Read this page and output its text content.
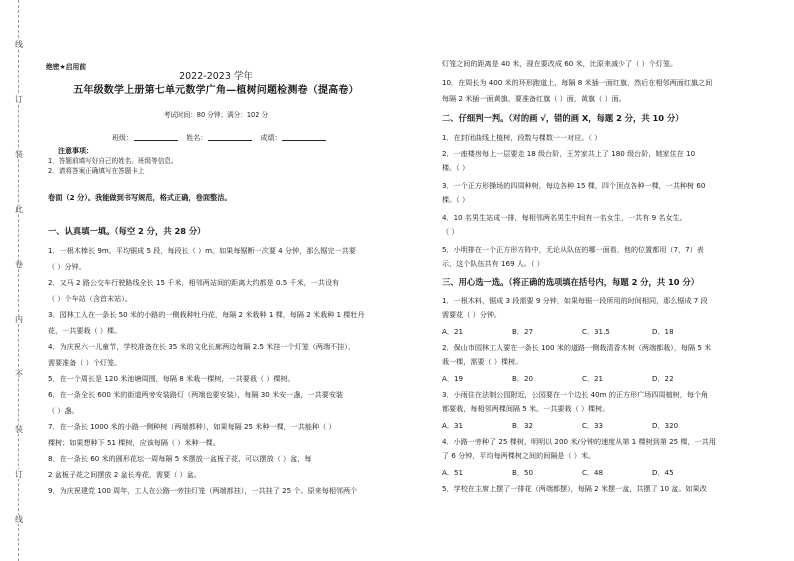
线
订
装
此
卷
内
不
装
订
线
绝密★启用前
2022-2023 学年
五年级数学上册第七单元数学广角—植树问题检测卷（提高卷）
考试时间：80 分钟；满分：102 分
班级：	姓名：	成绩：
注意事项：
1．答题前填写好自己的姓名、班级等信息。
2．请将答案正确填写在答题卡上
卷面（2 分）。我能做到书写规范，格式正确，卷面整洁。
一、认真填一填。（每空 2 分，共 28 分）
1．一根木棒长 9m。平均锯成 5 段，每段长（ ）m。如果每锯断一次要 4 分钟，那么锯完一共要
（ ）分钟。
2．又马 2 路公交车行驶路线全长 15 千米，相邻两站间的距离大约都是 0.5 千米，一共设有
（ ）个车站（含首末站）。
3．园林工人在一条长 50 米的小路的一侧栽种牡丹花，每隔 2 米栽种 1 棵，每隔 2 米栽种 1 棵牡丹
花，一共要栽（ ）棵。
4．为庆祝六一儿童节，学校准备在长 35 米的文化长廊两边每隔 2.5 米挂一个灯笼（两端不挂），
需要准备（ ）个灯笼。
5．在一个周长是 120 米池塘周围，每隔 8 米栽一棵树，一共要栽（ ）棵树。
6．在一条全长 600 米的街道两旁安装路灯（两端也要安装），每隔 30 米安一盏，一共要安装
（ ）盏。
7．在一条长 1000 米的小路一侧种树（两端都种），如果每隔 25 米种一棵，一共能种（ ）
棵树；如果想种下 51 棵树，应该每隔（ ）米种一棵。
8．在一条长 60 米的圆形花坛一周每隔 5 米摆放一盆栀子花，可以摆放（ ）盆，每
2 盆栀子花之间摆放 2 盆长寿花，需要（ ）盆。
9．为庆祝建党 100 周年，工人在公路一旁挂灯笼（两端都挂），一共挂了 25 个。原来每相邻两个
灯笼之间的距离是 40 米，现在要改成 60 米，比原来减少了（ ）个灯笼。
10．在周长为 400 米的环形跑道上，每隔 8 米插一面红旗，然后在相邻两面红旗之间
每隔 2 米插一面黄旗，要准备红旗（ ）面，黄旗（ ）面。
二、仔细判一判。（对的画 √，错的画 X，每题 2 分，共 10 分）
1．在封闭曲线上植树，段数与棵数一一对应。（ ）
2．一座楼房每上一层要走 18 级台阶，王芳家共上了 180 级台阶，她家住在 10
楼。（ ）
3．一个正方形操场的四周种树，每边各种 15 棵，四个顶点各种一棵，一共种树 60
棵。（ ）
4．10 名男生站成一排，每相邻两名男生中间有一名女生，一共有 9 名女生。
（ ）
5．小明排在一个正方形方阵中，无论从队伍的哪一面看，他的位置都用（7，7）表
示，这个队伍共有 169 人。（ ）
三、用心选一选。（将正确的选项填在括号内，每题 2 分，共 10 分）
1．一根木料，锯成 3 段需要 9 分钟，如果每锯一段所用的时间相同，那么锯成 7 段
需要花（ ）分钟。
A．21	B．27	C．31.5	D．18
2．保山市园林工人要在一条长 100 米的道路一侧栽清香木树（两端都栽），每隔 5 米
栽一棵，需要（ ）棵树。
A．19	B．20	C．21	D．22
3．小雨住在法制公园附近，公园要在一个边长 40m 的正方形广场四周植树，每个角
都要栽，每相邻两棵间隔 5 米。一共要栽（ ）棵树。
A．31	B．32	C．33	D．320
4．小路一旁种了 25 棵树，明明以 200 米/分钟的速度从第 1 棵树到第 25 棵，一共用
了 6 分钟，平均每两棵树之间的间隔是（ ）米。
A．51	B．50	C．48	D．45
5．学校在主席上摆了一排花（两端都摆），每隔 2 米摆一盆，共摆了 10 盆。如果改
